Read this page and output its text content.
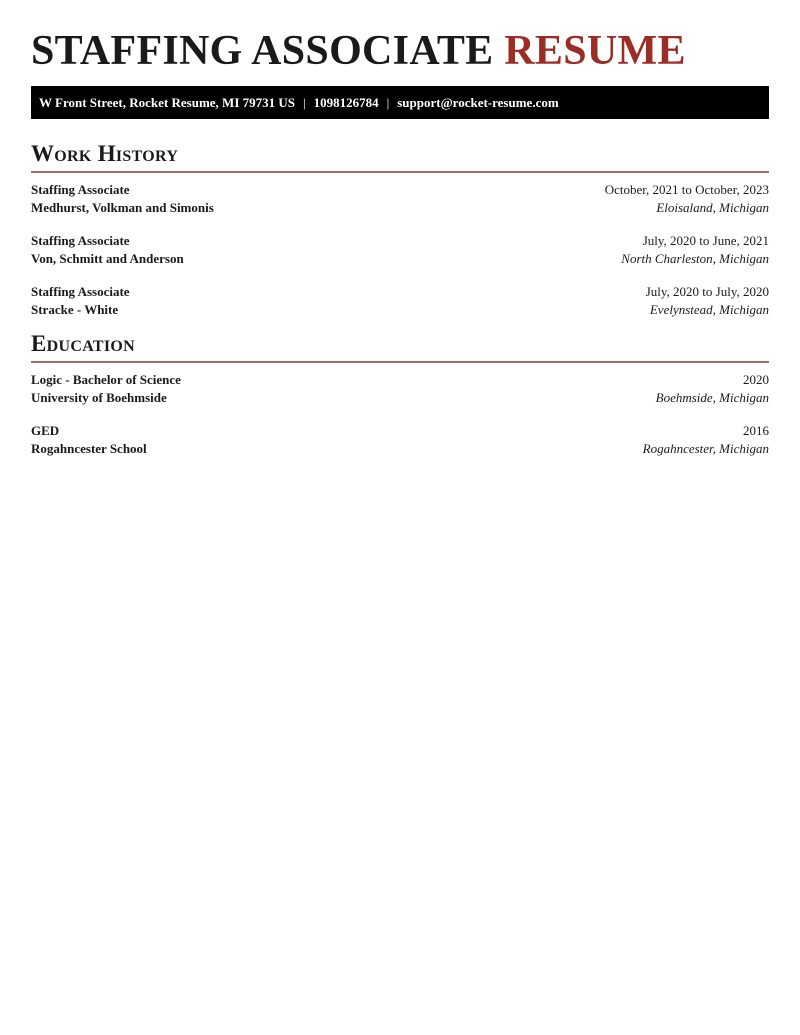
STAFFING ASSOCIATE RESUME
W Front Street, Rocket Resume, MI 79731 US | 1098126784 | support@rocket-resume.com
Work History
Staffing Associate	October, 2021 to October, 2023
Medhurst, Volkman and Simonis	Eloisaland, Michigan
Staffing Associate	July, 2020 to June, 2021
Von, Schmitt and Anderson	North Charleston, Michigan
Staffing Associate	July, 2020 to July, 2020
Stracke - White	Evelynstead, Michigan
Education
Logic - Bachelor of Science	2020
University of Boehmside	Boehmside, Michigan
GED	2016
Rogahncester School	Rogahncester, Michigan
